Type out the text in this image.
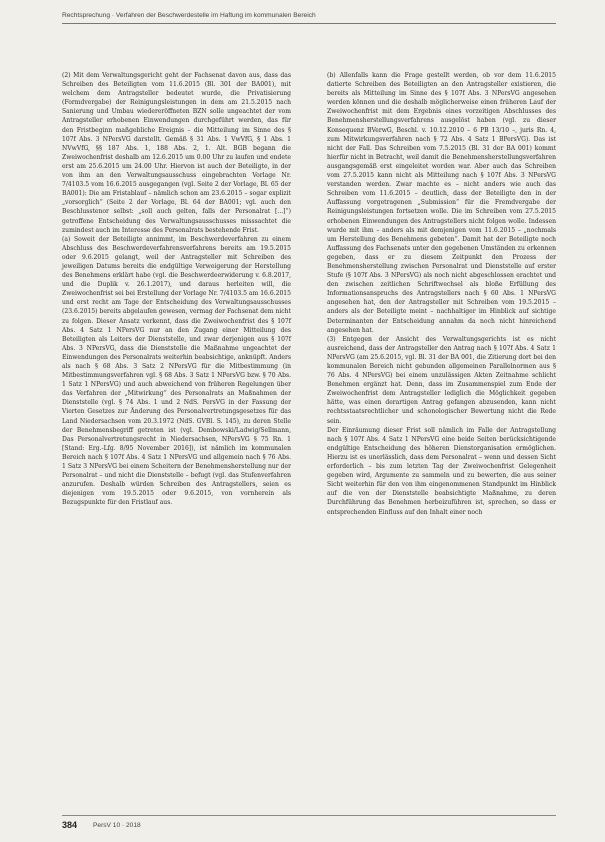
Rechtsprechung · Verfahren der Beschwerdestelle im Haftung im kommunalen Bereich

(2) Mit dem Verwaltungsgericht geht der Fachsenat davon aus, dass das Schreiben des Beteiligten vom 11.6.2015 (Bl. 301 der BA001), mit welchem dem Antragsteller bedeutet wurde, die Privatisierung (Formdvergabe) der Reinigungsleistungen in dem am 21.5.2015 nach Sanierung und Umbau wiedereröffneten BZN solle ungeachtet der vom Antragsteller erhobenen Einwendungen durchgeführt werden, das für den Fristbeginn maßgebliche Ereignis – die Mitteilung im Sinne des § 107f Abs. 3 NPersVG darstellt. Gemäß § 31 Abs. 1 VwVfG, § 1 Abs. 1 NVwVfG, §§ 187 Abs. 1, 188 Abs. 2, 1. Alt. BGB begann die Zweiwochenfrist deshalb am 12.6.2015 um 0.00 Uhr zu laufen und endete erst am 25.6.2015 um 24.00 Uhr. Hiervon ist auch der Beteiligte, in der von ihm an den Verwaltungsausschuss eingebrachten Vorlage Nr. 7/4103.5 vom 16.6.2015 ausgegangen (vgl. Seite 2 der Vorlage, Bl. 65 der BA001): Die am Fristablauf – nämlich schon am 23.6.2015 – sogar explizit „vorsorglich“ (Seite 2 der Vorlage, Bl. 64 der BA001; vgl. auch den Beschlusstenor selbst: „soll auch gelten, falls der Personalrat [...]“) getroffene Entscheidung des Verwaltungsausschusses misssachtet die zumindest auch im Interesse des Personalrats bestehende Frist.

(a) Soweit der Beteiligte annimmt, im Beschwerdeverfahren zu einem Abschluss des Beschwerdeverfahrensverfahrens bereits am 19.5.2015 oder 9.6.2015 gelangt, weil der Antragsteller mit Schreiben des jeweiligen Datums bereits die endgültige Verweigerung der Herstellung des Benehmens erklärt habe (vgl. die Beschwerdeerwiderung v. 6.8.2017, und die Duplik v. 26.1.2017), und daraus herleiten will, die Zweiwochenfrist sei bei Erstellung der Vorlage Nr. 7/4103.5 am 16.6.2015 und erst recht am Tage der Entscheidung des Verwaltungsausschusses (23.6.2015) bereits abgelaufen gewesen, vermag der Fachsenat dem nicht zu folgen. Dieser Ansatz verkennt, dass die Zweiwochenfrist des § 107f Abs. 4 Satz 1 NPersVG nur an den Zugang einer Mitteilung des Beteiligten als Leiters der Dienststelle, und zwar derjenigen aus § 107f Abs. 3 NPersVG, dass die Dienststelle die Maßnahme ungeachtet der Einwendungen des Personalrats weiterhin beabsichtige, anknüpft. Anders als nach § 68 Abs. 3 Satz 2 NPersVG für die Mitbestimmung (in Mitbestimmungsverfahren vgl. § 68 Abs. 3 Satz 1 NPersVG bzw. § 70 Abs. 1 Satz 1 NPersVG) und auch abweichend von früheren Regelungen über das Verfahren der „Mitwirkung“ des Personalrats an Maßnahmen der Dienststelle (vgl. § 74 Abs. 1 und 2 NdS. PersVG in der Fassung der Vierten Gesetzes zur Änderung des Personalvertretungsgesetzes für das Land Niedersachsen vom 20.3.1972 (NdS. GVBl. S. 145), zu deren Stelle der Benehmensbegriff getreten ist (vgl. Dembowski/Ladwig/Sellmann, Das Personalvertretungsrecht in Niedersachsen, NPersVG § 75 Rn. 1 [Stand: Erg.-Lfg. 8/95 November 2016]), ist nämlich im kommunalen Bereich nach § 107f Abs. 4 Satz 1 NPersVG und allgemein nach § 76 Abs. 1 Satz 3 NPersVG bei einem Scheitern der Benehmensherstellung nur der Personalrat – und nicht die Dienststelle – befugt (vgl. das Stufenverfahren anzurufen. Deshalb würden Schreiben des Antragstellers, seien es diejenigen vom 19.5.2015 oder 9.6.2015, von vornherein als Bezugspunkte für den Fristlauf aus.

(b) Allenfalls kann die Frage gestellt werden, ob vor dem 11.6.2015 datierte Schreiben des Beteiligten an den Antragsteller existieren, die bereits als Mitteilung im Sinne des § 107f Abs. 3 NPersVG angesehen werden können und die deshalb möglicherweise einen früheren Lauf der Zweiwochenfrist mit dem Ergebnis eines vorzeitigen Abschlusses des Benehmensherstellungsverfahrens ausgelöst haben (vgl. zu dieser Konsequenz BVerwG, Beschl. v. 10.12.2010 – 6 PB 13/10 –, juris Rn. 4, zum Mitwirkungsverfahren nach § 72 Abs. 4 Satz 1 BPersVG). Das ist nicht der Fall. Das Schreiben vom 7.5.2015 (Bl. 31 der BA 001) kommt hierfür nicht in Betracht, weil damit die Benehmensherstellungsverfahren ausgangsgemäß erst eingeleitet worden war. Aber auch das Schreiben vom 27.5.2015 kann nicht als Mitteilung nach § 107f Abs. 3 NPersVG verstanden werden. Zwar machte es – nicht anders wie auch das Schreiben vom 11.6.2015 – deutlich, dass der Beteiligte den in der Auffassung vorgetragenen „Submission“ für die Fremdvergabe der Reinigungsleistungen fortsetzen wolle. Die im Schreiben vom 27.5.2015 erhobenen Einwendungen des Antragstellers nicht folgen wolle. Indessen wurde mit ihm – anders als mit demjenigen vom 11.6.2015 – „nochmals um Herstellung des Benehmens gebeten“. Damit hat der Beteiligte noch Auffassung des Fachsenats unter den gegebenen Umständen zu erkennen gegeben, dass er zu diesem Zeitpunkt den Prozess der Benehmensherstellung zwischen Personalrat und Dienststelle auf erster Stufe (§ 107f Abs. 3 NPersVG) als noch nicht abgeschlossen erachtet und den zwischen zeitlichen Schriftwechsel als bloße Erfüllung des Informationsanspruchs des Antragstellers nach § 60 Abs. 1 NPersVG angesehen hat, den der Antragsteller mit Schreiben vom 19.5.2015 – anders als der Beteiligte meint – nachhaltiger im Hinblick auf sichtige Determinanten der Entscheidung annahm da noch nicht hinreichend angesehen hat.

(3) Entgegen der Ansicht des Verwaltungsgerichts ist es nicht ausreichend, dass der Antragsteller den Antrag nach § 107f Abs. 4 Satz 1 NPersVG (am 25.6.2015, vgl. Bl. 31 der BA 001, die Zitierung dort bei den kommunalen Bereich nicht gebunden allgemeinen Parallelnormen aus § 76 Abs. 4 NPersVG) bei einem unzulässigen Akten Zeitnahme schlicht Benehmen ergänzt hat. Denn, dass im Zusammenspiel zum Ende der Zweiwochenfrist dem Antragsteller lediglich die Möglichkeit gegeben hätte, was einen derartigen Antrag gefangen abzusenden, kann nicht rechtsstaatsrechtlicher und schonologischer Bewertung nicht die Rede sein.

Der Einräumung dieser Frist soll nämlich im Falle der Antragstellung nach § 107f Abs. 4 Satz 1 NPersVG eine beide Seiten berücksichtigende endgültige Entscheidung des höheren Dienstorganisation ermöglichen. Hierzu ist es unerlässlich, dass dem Personalrat – wenn und dessen Sicht erforderlich – bis zum letzten Tag der Zweiwochenfrist Gelegenheit gegeben wird, Argumente zu sammeln und zu bewerten, die aus seiner Sicht weiterhin für den von ihm eingenommenen Standpunkt im Hinblick auf die von der Dienststelle beabsichtigte Maßnahme, zu deren Durchführung das Benehmen herbeizuführen ist, sprechen, so dass er entsprechenden Einfluss auf den Inhalt einer noch

384 PersV 10 · 2018
